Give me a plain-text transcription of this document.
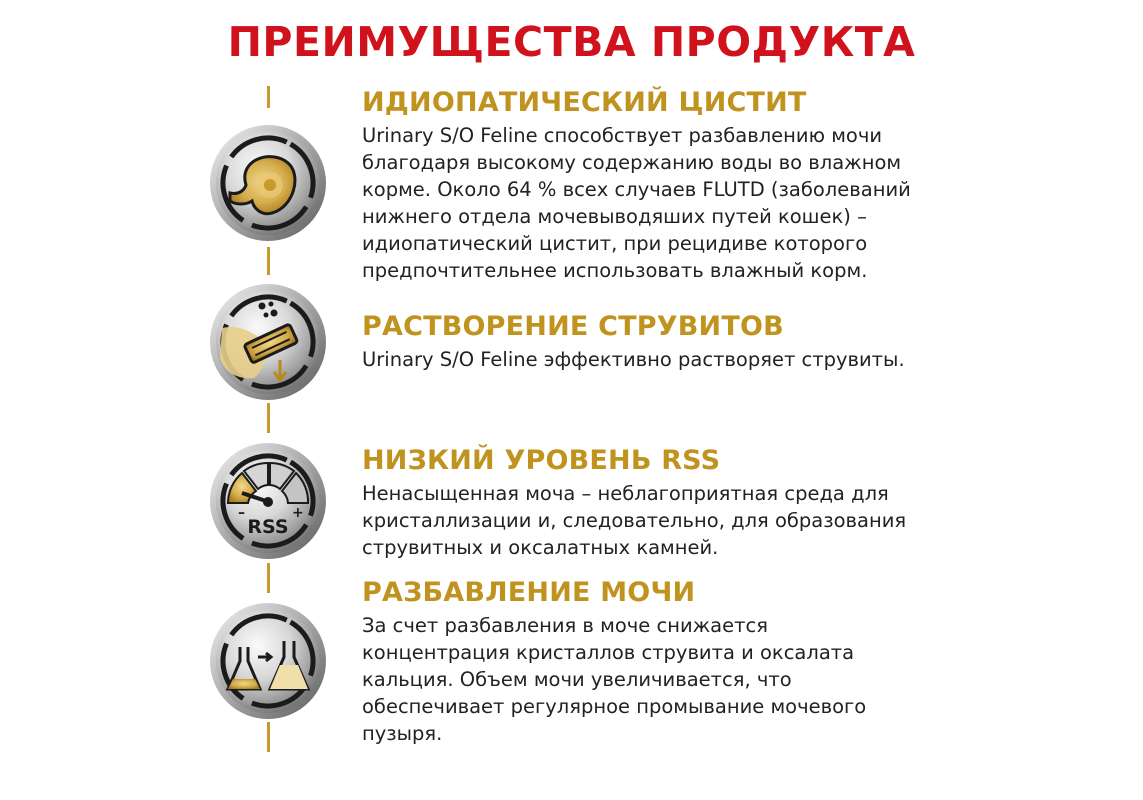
ПРЕИМУЩЕСТВА ПРОДУКТА
–	+
RSS
ИДИОПАТИЧЕСКИЙ ЦИСТИТ

Urinary S/O Feline способствует разбавлению мочи
благодаря высокому содержанию воды во влажном
корме. Около 64 % всех случаев FLUTD (заболеваний
нижнего отдела мочевыводяших путей кошек) –
идиопатический цистит, при рецидиве которого
предпочтительнее использовать влажный корм.

РАСТВОРЕНИЕ СТРУВИТОВ

Urinary S/O Feline эффективно растворяет струвиты.

НИЗКИЙ УРОВЕНЬ RSS

Ненасыщенная моча – неблагоприятная среда для
кристаллизации и, следовательно, для образования
струвитных и оксалатных камней.

РАЗБАВЛЕНИЕ МОЧИ

За счет разбавления в моче снижается
концентрация кристаллов струвита и оксалата
кальция. Объем мочи увеличивается, что
обеспечивает регулярное промывание мочевого
пузыря.
